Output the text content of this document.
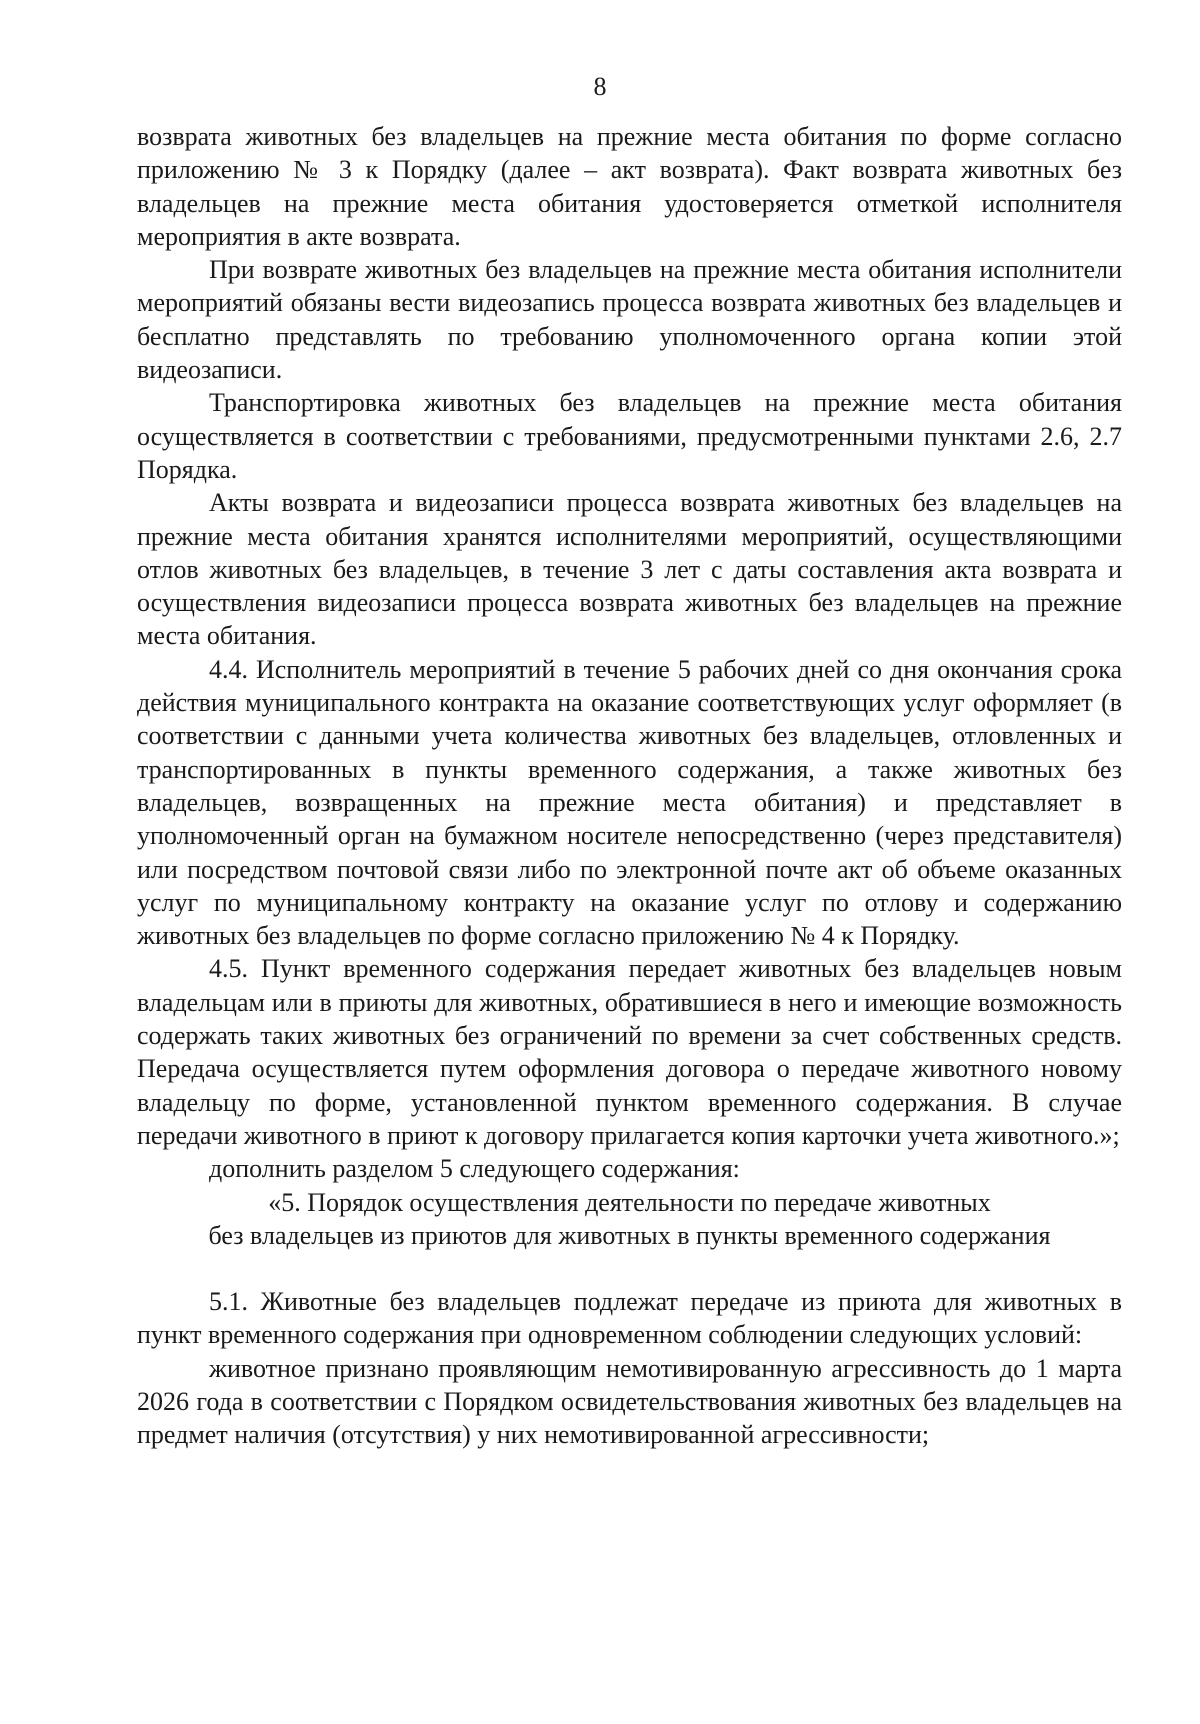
8

возврата животных без владельцев на прежние места обитания по форме согласно приложению № 3 к Порядку (далее – акт возврата). Факт возврата животных без владельцев на прежние места обитания удостоверяется отметкой исполнителя мероприятия в акте возврата.

При возврате животных без владельцев на прежние места обитания исполнители мероприятий обязаны вести видеозапись процесса возврата животных без владельцев и бесплатно представлять по требованию уполномоченного органа копии этой видеозаписи.

Транспортировка животных без владельцев на прежние места обитания осуществляется в соответствии с требованиями, предусмотренными пунктами 2.6, 2.7 Порядка.

Акты возврата и видеозаписи процесса возврата животных без владельцев на прежние места обитания хранятся исполнителями мероприятий, осуществляющими отлов животных без владельцев, в течение 3 лет с даты составления акта возврата и осуществления видеозаписи процесса возврата животных без владельцев на прежние места обитания.

4.4. Исполнитель мероприятий в течение 5 рабочих дней со дня окончания срока действия муниципального контракта на оказание соответствующих услуг оформляет (в соответствии с данными учета количества животных без владельцев, отловленных и транспортированных в пункты временного содержания, а также животных без владельцев, возвращенных на прежние места обитания) и представляет в уполномоченный орган на бумажном носителе непосредственно (через представителя) или посредством почтовой связи либо по электронной почте акт об объеме оказанных услуг по муниципальному контракту на оказание услуг по отлову и содержанию животных без владельцев по форме согласно приложению № 4 к Порядку.

4.5. Пункт временного содержания передает животных без владельцев новым владельцам или в приюты для животных, обратившиеся в него и имеющие возможность содержать таких животных без ограничений по времени за счет собственных средств. Передача осуществляется путем оформления договора о передаче животного новому владельцу по форме, установленной пунктом временного содержания. В случае передачи животного в приют к договору прилагается копия карточки учета животного.»;

дополнить разделом 5 следующего содержания:

«5. Порядок осуществления деятельности по передаче животных
без владельцев из приютов для животных в пункты временного содержания

5.1. Животные без владельцев подлежат передаче из приюта для животных в пункт временного содержания при одновременном соблюдении следующих условий:

животное признано проявляющим немотивированную агрессивность до 1 марта 2026 года в соответствии с Порядком освидетельствования животных без владельцев на предмет наличия (отсутствия) у них немотивированной агрессивности;
